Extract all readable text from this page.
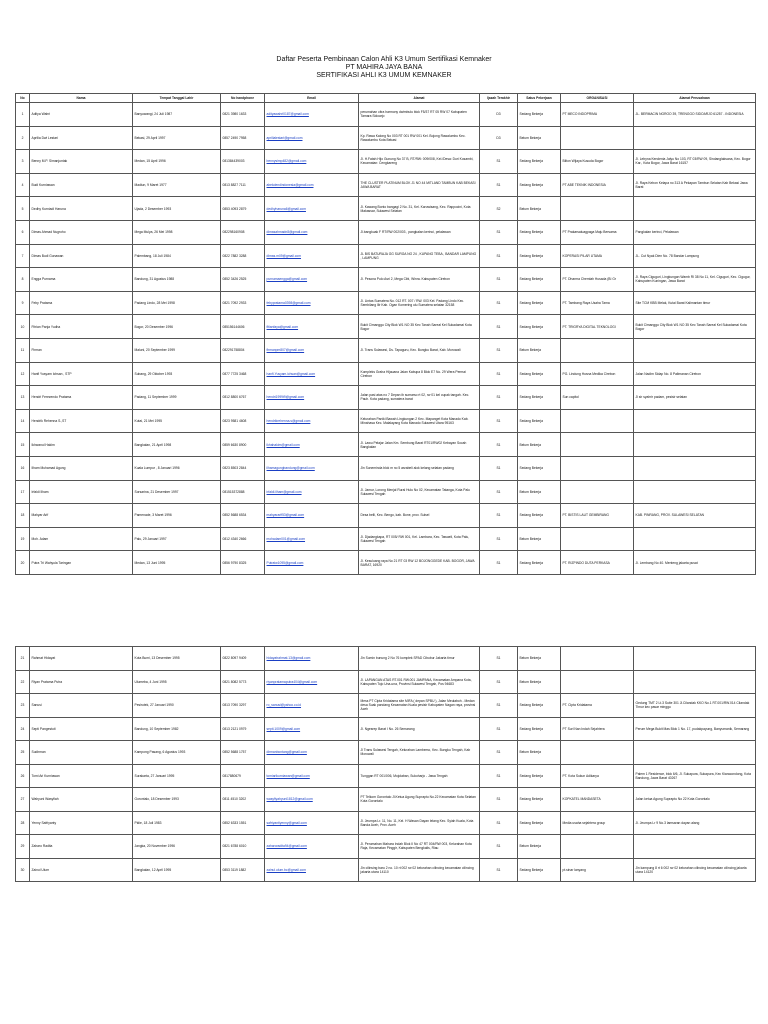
Daftar Peserta Pembinaan Calon Ahli K3 Umum Sertifikasi Kemnaker
PT MAHIRA JAYA BANA
SERTIFIKASI AHLI K3 UMUM KEMNAKER
No	Nama	Tempat Tanggal Lahir	No handphone	Email	Alamat	Ijazah Terakhir	Satus Pekerjaan	ORGANISASI	Alamat Perusahaan
1	Aditya Wahri	Banyuwangi, 24 Juli 1987	0821 3980 1633	adityawahri0187@gmail.com	perumahan citra harmony dwimbulu blok F5/37 RT 05 RW 07 Kabupaten Tamara Sidoarjo	D3	Sedang Bekerja	PT MECO INDOPRIMA	JL. BERMACIN NGROO 39, TRENGGO SIDOARJO 61257 - INDONESIA
2	Aprilia Dwi Lestari	Bekasi, 29 April 1997	0857 2490 7958	aprilialestari@gmail.com	Kp. Rawa Kalong No 003 RT 001 RW 001 Kel. Bojong Rawalumbu Kec. Rawalumbu Kota Bekasi	D3	Belum Bekerja		
3	Benny M.P. Simanjuntak	Medan, 15 April 1996	081384439003	bennysimp482@gmail.com	Jl. H.Fatah Hijo Gunung No 37 B, RT/RW: 009/008, Kel./Desa: Duri Kosambi, Kecamatan: Cengkareng	S1	Sedang Bekerja	Bilton Wijaya Kusuda Bogor	Jl. Lebyna Kendenia Jalyu No 103, RT 03/RW 09, Sindanglaksana, Kec. Bogor Kar., Kota Bogor, Jawa Barat 16157
4	Budi Kurniawan	Madiun, 9 Maret 1977	0813 8827 7111	abekdendindonesia@gmail.com	THE CLUSTER PLATINUM BLOK J1 NO 44 MITLAND TAMBUN KAB BEKASI JAWA BARAT	S1	Sedang Bekerja	PT ABE TEKNIK INDONESIA	Jl. Raya Kebon Kelapa no 313 A Pekapan Tambun Selatan Kab Bekasi Jawa Barat
5	Dedhy Kurniadi Haruna	Ujada, 2 Desember 1993	0853 4093 2879	dedhyharuna6@gmail.com	Jl. Kawang Bonto bangagi 2 No. 31, Kel. Karuwisang, Kec. Rappocini, Kota Makassar, Sulawesi Selatan	S2	Belum Bekerja		
6	Dimas Ahmad Nugroho	Mega Mulya, 26 Mei 1998	082298160908	dimasahmadn8@gmail.com	Jl.bangkuak F RT/RW 002/003 , pangkalan kerinci, pelalawan	S1	Sedang Bekerja	PT Prakarsaluagpaga Maju Bersama	Pangkalan kerinci, Pelalawan
7	Dimas Budi Gunawan	Palembang, 18 Juli 1984	0822 7882 3288	dimas.m09@gmail.com	JL BIS BATURAJA GG SURGA NO 24 , KUPANG TEBA , BANDAR LAMPUNG , LAMPUNG	S1	Sedang Bekerja	KOPERASI PILAR UTAMA	JL. Cut Nyak Dien No. 78 Bandar Lampung
8	Engga Purnama	Bandung, 31 Agustus 1988	0852 3426 2525	purnamaengga@gmail.com	Jl. Pesona Pulo Asri 2, Mega Cibi, Winra. Kabupaten Cirebon	S1	Sedang Bekerja	PT. Dharma Chemlah Husada (BI Gr	Jl. Raya Ciguguri, Lingkungan Wamb RI 38 No 11, Kel. Ciguguri, Kec. Cigugur, Kabupaten Kuningan, Jawa Barat
9	Feby Pratama	Padang Lindo, 28 Mei 1998	0821 7092 2933	febypratama0398@gmail.com	Jl. Lintas Sumatera No. 012 RT. 007 / RW. 003 Kel. Padang Lindo Kec. Sembilang Ilir Kab. Ogan Komering ulu Sumatera selatan 32158	S1	Sedang Bekerja	PT. Tambang Raya Usaha Tama	Site TCM KBB Melak, Kutai Barat Kalimantan timur
10	Fitrian Panja Yudha	Bogor, 20 Desember 1996	085156144606	fitianfaya@gmail.com	Bukit Cimanggu City Blok W1 NO 35 Kec Tanah Sareal Kel Sukadamai Kota Bogor	S1	Sedang Bekerja	PT. TRIGRYA DIGITAL TEKNOLOGI	Bukit Cimanggu City Blok W1 NO 35 Kec Tanah Sareal Kel Sukadamai Kota Bogor
11	Firman	Maluni, 20 September 1999	082291758804	firmanpm807@gmail.com	Jl. Trans Sulawesi, Ds. Tapaguru, Kec. Bungku Barat, Kab. Morowali	S1	Belum Bekerja		
12	Hanfi Yusyam Ichsan , STP	Subang, 29 Oktober 1993	0877 7725 3468	hanfi.Yusyam.ichsan@gmail.com	Kompleks Graha Hijauana Jalan Kabupa 8 Blok E7 No. 29 Wera Permai Cirebon	S1	Sedang Bekerja	PG. Lindung Husna Medika Cirebon	Jalan Nadim Sidap No. 8 Palimanan Cirebon
13	Hendri Ferezendo Pratama	Padang, 11 September 1999	0812 8800 6767	hendri1999t9@gmail.com	Jalan pasi atas no 7 Depan ib sumarso rt 02, rw 01 kel cupak tangah. Kec. Pauh. Kota padang, sumatera barat	S1	Sedang Bekerja	Sun capitol	Jl sir syahrir padam, pesisir selatan
14	Hendrik Rehenna S.,ST	Kutai, 21 Mei 1995	0823 9581 4608	hendrikrehenna.s@gmail.com	Kelurahan Paniki Bawah Lingkungan 2 Kec. Mapanget Kota Manado Kab. Minahasa Kec. Malalayang Kota Manado Sulawesi Utara 95163	S1	Sedang Bekerja		
15	Ikhwanul Hakim	Bangkalan, 21 April 1998	0859 6630 8900	ikhahakim@gmail.com	Jl. Lawu Pelajar Jalan Km. Sembung Barat RT01/RW02 Kebayan Socah Bangkalan	S1	Belum Bekerja		
16	Ilham Muhamad Agung	Kuala Lumpur , 8 Januari 1996	0823 8503 2844	ilhamagungbandung@gmail.com	Jln Suneminda blok m no 5 asrabeli alok kelang selatan padang	S1	Sedang Bekerja		
17	Irfaldi Ilham	Sorsarina, 21 Desember 1997	081515372888	irfaldi.ilham@gmail.com	Jl. Jamur, Lorong Menjal Rural Hulu No 02, Kecamatan Tatanga, Kota Palu Sulawesi Tengah	S1	Belum Bekerja		
18	Mahyar Arif	Pamenade, 3 Maret 1996	0852 5688 6534	mahyararif53@gmail.com	Desa belli, Kec. Bengo, kab. Bone, prov. Sulsel	S1	Sedang Bekerja	PT. BISTIS LAUT GEMBIRANG	KAB. PINRANG, PROV. SULAWESI SELATAN
19	Moh. Adam	Palu, 29 Januari 1997	0812 4340 2666	mohadam001@gmail.com	Jl. Djadangkapa, RT 005/ RW 001, Kel. Lambara, Kec. Tawaeli, Kota Palu, Sulawesi Tengah	S1	Belum Bekerja		
20	Putra Tri Wahyula Taringan	Medan, 13 Juni 1995	0856 9790 8325	Putratw1095@gmail.com	Jl. Kesuluang raya No 21 RT 03 RW 12 BOJONGGEDE KAB. BOGOR, JAWA BARAT, 16920	S1	Sedang Bekerja	PT. RIZPINDO DUTA PERKASA	Jl. Lembang No 40. Menteng jakarta pusat
21	Rahmat Hidayat	Kota Bumi, 13 Desember 1995	0822 8097 9409	hidayatrahmat.13@gmail.com	Jln Sumin bunung 2 No 76 komplek SPAD Cibubur Jakarta timur	S1	Belum Bekerja		
22	Riyan Pratama Putra	Ulumeba, 4 Juni 1995	0821 8082 5773	riyanpratamaputra404@gmail.com	Jl. LAPANGAN ATAS RT.001 RW.001 JAMPANA, Kecamatan Ampana Kota, Kabupaten Tojo Una-una, Provinsi Sulawesi Tengah, Pos 94683	S1	Belum Bekerja		
23	Sanusi	Pesirutek, 27 Januari 1990	0813 7090 3297	ro_sanusi@yahoo.co.id	Mess PT Cipta Kridatama site MIFA ( depan SPBU ), Jalan Meulaboh - Medan desa Suak pandang Kecamatan Kuala pesisir Kabupaten Nagan raya, provinsi Aceh	S1	Sedang Bekerja	PT. Cipta Kridatama	Gedung TMT 2 Lt.3 Suite 301 Jl.Cilandak KKO No.1 RT.001/RW.014 Cilandak Timur kec pasar minggu
24	Septi Pangestuti	Bandung, 10 September 1982	0813 2121 0979	septi.1009@gmail.com	Jl. Ngesrep Barat I No. 26 Semarang	S1	Sedang Bekerja	PT Surl Nan Indah Sejahtera	Perum Mega Bukit Mas Blok 1 No. 17, pudakpayung, Banyumanik, Semarang
25	Sudirman	Kampong Pasang, 6 Agustus 1993	0852 5688 1757	dirmanbontang@gmail.com	Jl Trans Sulawesi Tengah, Kelurahan Lambemo, Kec. Bungku Tengah, Kab Morowali	S1	Belum Bekerja		
26	Tomi Ari Kurniawan	Surakarta, 27 Januari 1995	0817880679	tomiarikurniawan@gmail.com	Tunggan RT 001/006, Mojolaban, Sukoharjo - Jawa Tengah	S1	Sedang Bekerja	PT. Kota Sukun Adikarya	Palem 1 Residence, blok 6/6, Jl. Sukapura, Sukapura, Kec Kiaracondong, Kota Bandung, Jawa Barat 40267
27	Wahyuni Wasyfiah	Gorontalo, 18 Desember 1993	0811 4510 3202	wasyfiyahyuni1812@gmail.com	PT Telkom Gorontalo Jl.Ketua Agung Supraptu No.22 Kecamatan Kota Selatan Kota Gorontalo	S1	Sedang Bekerja	KOPKATEL MANDASETA	Jalan ketua Agung Supraptu No 22 Kota Gorontalo
28	Yenny Safriyanty	Pidie, 18 Juli 1983	0852 6333 1551	safriyantiyenny@gmail.com	Jl. Jeumpa Lr. 11, No. 11, Kel. H Wasan Dayan lelang Kec. Syiah Kuala, Kota Banda Aceh, Prov. Aceh	S1	Sedang Bekerja	Media usaha sejahtera group	Jl. Jeumpa Lr 9 No.3 lamsaran dayan alang
29	Zaharo Radita	Jangka, 20 November 1996	0821 6788 6010	zaharoradita94@gmail.com	Jl. Perumahan Mahara Indah Blok II No 47 RT 004/RW 003, Kelurahan Kota Raja, Kecamatan Pinggir, Kabupaten Bengkalis, Riau	S1	Belum Bekerja		
30	Zainul Ulum	Bangkalan, 12 April 1995	0853 3119 1882	zainul.ulum.bc@gmail.com	Jln cilinsing baru 2 no. 10 rt 002 rw 02 kelurahan cilincing kecamatan cilincing jakarta utara 14110	S1	Sedang Bekerja	pt.sinar lanyang	Jln kampung 8 rt 6 002 rw 02 kelurahan cilincing kecamatan cilincing jakarta utara 14120
